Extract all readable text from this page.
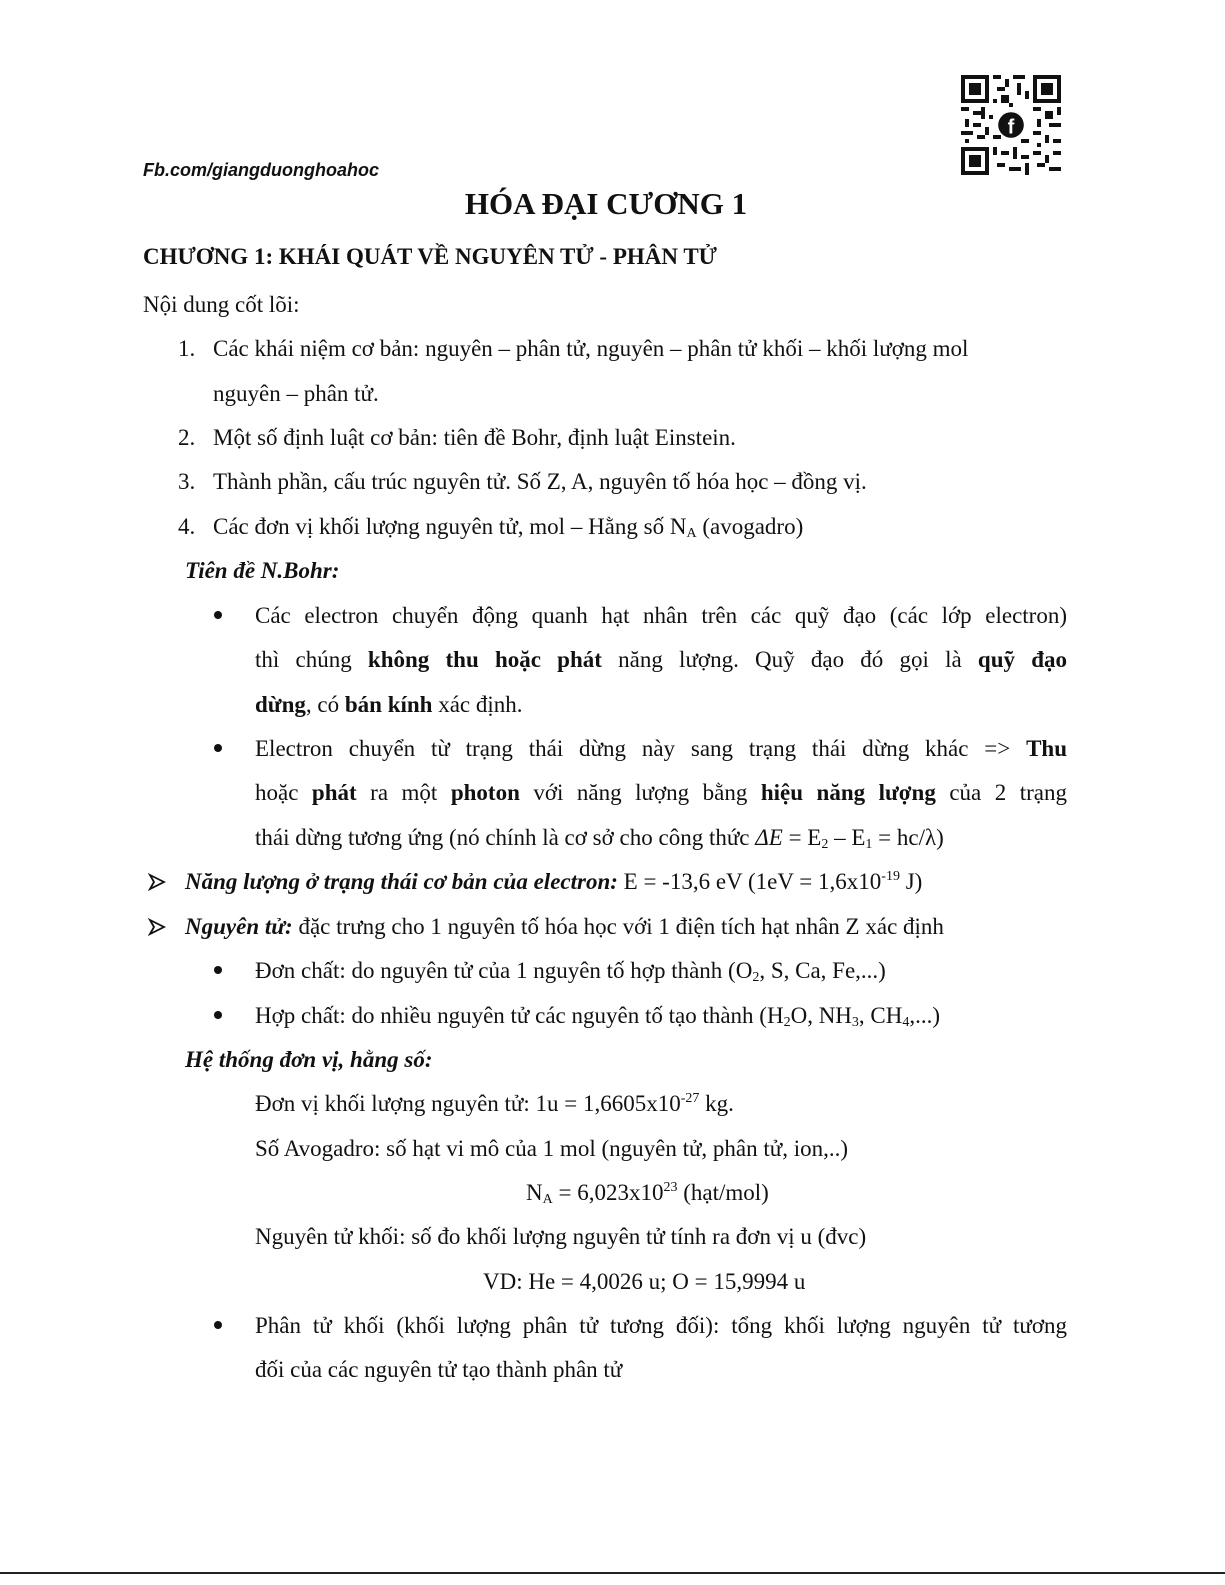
Fb.com/giangduonghoahoc
f
HÓA ĐẠI CƯƠNG 1
CHƯƠNG 1: KHÁI QUÁT VỀ NGUYÊN TỬ - PHÂN TỬ
Nội dung cốt lõi:
1. Các khái niệm cơ bản: nguyên – phân tử, nguyên – phân tử khối – khối lượng mol
nguyên – phân tử.
2. Một số định luật cơ bản: tiên đề Bohr, định luật Einstein.
3. Thành phần, cấu trúc nguyên tử. Số Z, A, nguyên tố hóa học – đồng vị.
4. Các đơn vị khối lượng nguyên tử, mol – Hằng số $N_A$ (avogadro)
Tiên đề N.Bohr:
Các electron chuyển động quanh hạt nhân trên các quỹ đạo (các lớp electron)
thì chúng không thu hoặc phát năng lượng. Quỹ đạo đó gọi là quỹ đạo
dừng, có bán kính xác định.
Electron chuyển từ trạng thái dừng này sang trạng thái dừng khác => Thu
hoặc phát ra một photon với năng lượng bằng hiệu năng lượng của 2 trạng
thái dừng tương ứng (nó chính là cơ sở cho công thức $\Delta E = E_2 - E_1 = hc/\lambda$)
Năng lượng ở trạng thái cơ bản của electron: E = -13,6 eV ($1eV = 1,6x10^{-19}$ J)
Nguyên tử: đặc trưng cho 1 nguyên tố hóa học với 1 điện tích hạt nhân Z xác định
Đơn chất: do nguyên tử của 1 nguyên tố hợp thành ($O_2$, S, Ca, Fe,...)
Hợp chất: do nhiều nguyên tử các nguyên tố tạo thành ($H_2O$, $NH_3$, $CH_4$,...)
Hệ thống đơn vị, hằng số:
Đơn vị khối lượng nguyên tử: $1u = 1,6605x10^{-27}$ kg.
Số Avogadro: số hạt vi mô của 1 mol (nguyên tử, phân tử, ion,..)
$N_A = 6,023x10^{23}$ (hạt/mol)
Nguyên tử khối: số đo khối lượng nguyên tử tính ra đơn vị u (đvc)
VD: He = 4,0026 u; O = 15,9994 u
Phân tử khối (khối lượng phân tử tương đối): tổng khối lượng nguyên tử tương
đối của các nguyên tử tạo thành phân tử
